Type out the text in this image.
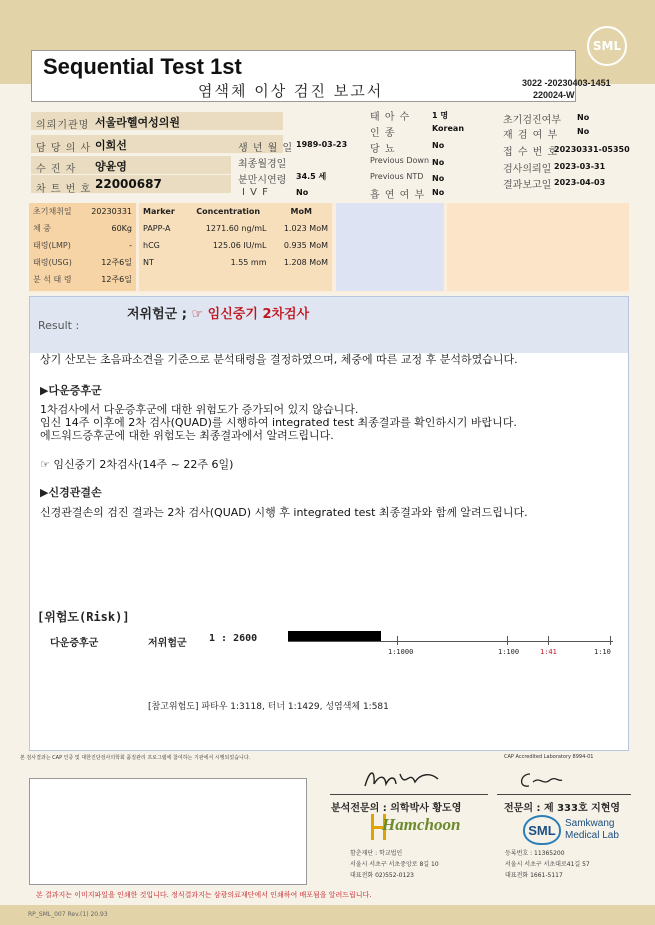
SML
Sequential Test 1st
염색체 이상 검진 보고서	3022 -20230403-1451
220024-W
의뢰기관명 서울라헬여성의원
담 당 의 사 이희선
수 진 자 양윤영
차 트 번 호 22000687
생 년 월 일 1989-03-23
최종월경일
분만시연령 34.5 세
I V F	No
태 아 수	1 명
인 종	Korean
당 뇨	No
Previous Down No
Previous NTD No
흡 연 여 부 No
초기검진여부 No
재 검 여 부 No
접 수 번 호
20230331-05350
검사의뢰일 2023-03-31
결과보고일 2023-04-03
초기채취일	20230331
체 중	60Kg
태령(LMP)	-
태령(USG)	12주6일
분 석 태 령	12주6일
Marker	Concentration	MoM
PAPP-A	1271.60 ng/mL	1.023 MoM
hCG	125.06 IU/mL	0.935 MoM
NT	1.55 mm	1.208 MoM
Result :
저위험군 ; ☞ 임신중기 2차검사
상기 산모는 초음파소견을 기준으로 분석태령을 결정하였으며, 체중에 따른 교정 후 분석하였습니다.
▶다운증후군
1차검사에서 다운증후군에 대한 위험도가 증가되어 있지 않습니다.
임신 14주 이후에 2차 검사(QUAD)를 시행하여 integrated test 최종결과를 확인하시기 바랍니다.
에드워드증후군에 대한 위험도는 최종결과에서 알려드립니다.
☞ 임신중기 2차검사(14주 ~ 22주 6일)
▶신경관결손
신경관결손의 검진 결과는 2차 검사(QUAD) 시행 후 integrated test 최종결과와 함께 알려드립니다.
[위험도(Risk)]
다운증후군	저위험군 1 : 2600
1:1000	1:100	1:41	1:10
[참고위험도] 파타우 1:3118, 터너 1:1429, 성염색체 1:581
본 검사결과는 CAP 인증 및 대한진단검사의학회 품질관리 프로그램에 참여하는 기관에서 시행되었습니다.	CAP Accredited Laboratory 8994-01
분석전문의 : 의학박사 황도영	전문의 : 제 333호 지현영
Hamchoon
함춘재단 : 학교법인
서울시 서초구 서초중앙로 8길 10
대표전화 02)552-0123
SML Samkwang
Medical Lab
등록번호 : 11365200
서울시 서초구 서초대로41길 57
대표전화 1661-5117
본 결과지는 이미지파일을 인쇄한 것입니다. 정식결과지는 삼광의료재단에서 인쇄하여 배포됨을 알려드립니다.
RP_SML_007 Rev.(1) 20.93
